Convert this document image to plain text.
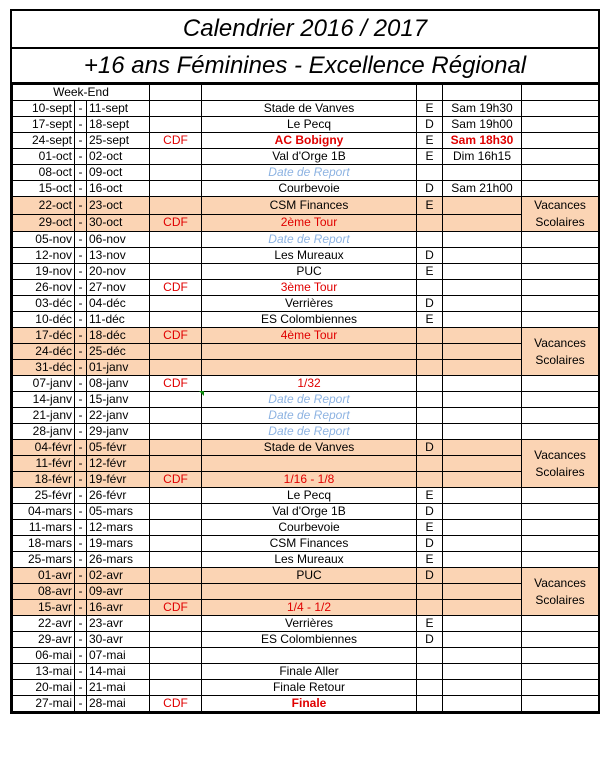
Calendrier 2016 / 2017
+16 ans Féminines - Excellence Régional
Week-End							
10-sept	-	11-sept		Stade de Vanves	E	Sam 19h30	
17-sept	-	18-sept		Le Pecq	D	Sam 19h00	
24-sept	-	25-sept	CDF	AC Bobigny	E	Sam 18h30	
01-oct	-	02-oct		Val d'Orge 1B	E	Dim 16h15	
08-oct	-	09-oct		Date de Report			
15-oct	-	16-oct		Courbevoie	D	Sam 21h00	
22-oct	-	23-oct		CSM Finances	E		Vacances
Scolaires

29-oct	-	30-oct	CDF	2ème Tour			
05-nov	-	06-nov		Date de Report			
12-nov	-	13-nov		Les Mureaux	D		
19-nov	-	20-nov		PUC	E		
26-nov	-	27-nov	CDF	3ème Tour			
03-déc	-	04-déc		Verrières	D		
10-déc	-	11-déc		ES Colombiennes	E		
17-déc	-	18-déc	CDF	4ème Tour			Vacances
Scolaires

24-déc	-	25-déc					
31-déc	-	01-janv					
07-janv	-	08-janv	CDF	1/32			
14-janv	-	15-janv		Date de Report			
21-janv	-	22-janv		Date de Report			
28-janv	-	29-janv		Date de Report			
04-févr	-	05-févr		Stade de Vanves	D		Vacances
Scolaires

11-févr	-	12-févr					
18-févr	-	19-févr	CDF	1/16 - 1/8			
25-févr	-	26-févr		Le Pecq	E		
04-mars	-	05-mars		Val d'Orge 1B	D		
11-mars	-	12-mars		Courbevoie	E		
18-mars	-	19-mars		CSM Finances	D		
25-mars	-	26-mars		Les Mureaux	E		
01-avr	-	02-avr		PUC	D		Vacances
Scolaires

08-avr	-	09-avr					
15-avr	-	16-avr	CDF	1/4 - 1/2			
22-avr	-	23-avr		Verrières	E		
29-avr	-	30-avr		ES Colombiennes	D		
06-mai	-	07-mai					
13-mai	-	14-mai		Finale Aller			
20-mai	-	21-mai		Finale Retour			
27-mai	-	28-mai	CDF	Finale			
